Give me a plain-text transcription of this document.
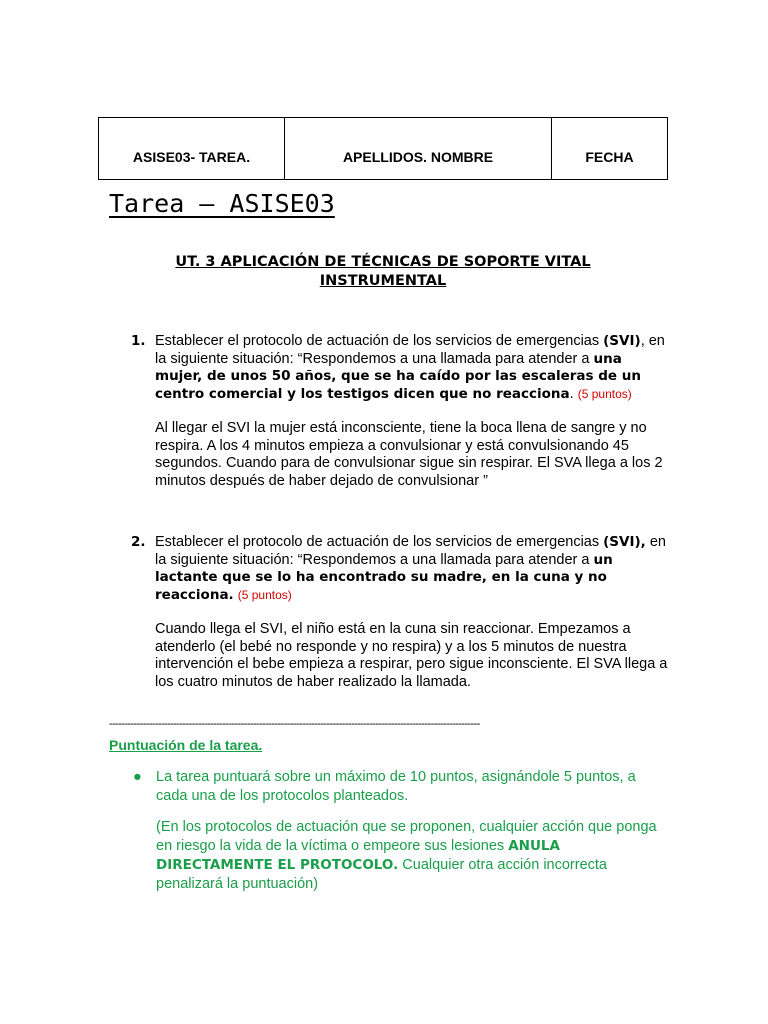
ASISE03- TAREA.	APELLIDOS. NOMBRE	FECHA
Tarea – ASISE03
UT. 3 APLICACIÓN DE TÉCNICAS DE SOPORTE VITAL INSTRUMENTAL
1. Establecer el protocolo de actuación de los servicios de emergencias (SVI), en la siguiente situación: “Respondemos a una llamada para atender a una mujer, de unos 50 años, que se ha caído por las escaleras de un centro comercial y los testigos dicen que no reacciona. (5 puntos)
Al llegar el SVI la mujer está inconsciente, tiene la boca llena de sangre y no respira. A los 4 minutos empieza a convulsionar y está convulsionando 45 segundos. Cuando para de convulsionar sigue sin respirar. El SVA llega a los 2 minutos después de haber dejado de convulsionar ”
2. Establecer el protocolo de actuación de los servicios de emergencias (SVI), en la siguiente situación: “Respondemos a una llamada para atender a un lactante que se lo ha encontrado su madre, en la cuna y no reacciona. (5 puntos)
Cuando llega el SVI, el niño está en la cuna sin reaccionar. Empezamos a atenderlo (el bebé no responde y no respira) y a los 5 minutos de nuestra intervención el bebe empieza a respirar, pero sigue inconsciente. El SVA llega a los cuatro minutos de haber realizado la llamada.
-------------------------------------------------------------------------------------------------------------------------
Puntuación de la tarea.
● La tarea puntuará sobre un máximo de 10 puntos, asignándole 5 puntos, a cada una de los protocolos planteados.
(En los protocolos de actuación que se proponen, cualquier acción que ponga en riesgo la vida de la víctima o empeore sus lesiones ANULA DIRECTAMENTE EL PROTOCOLO. Cualquier otra acción incorrecta penalizará la puntuación)
